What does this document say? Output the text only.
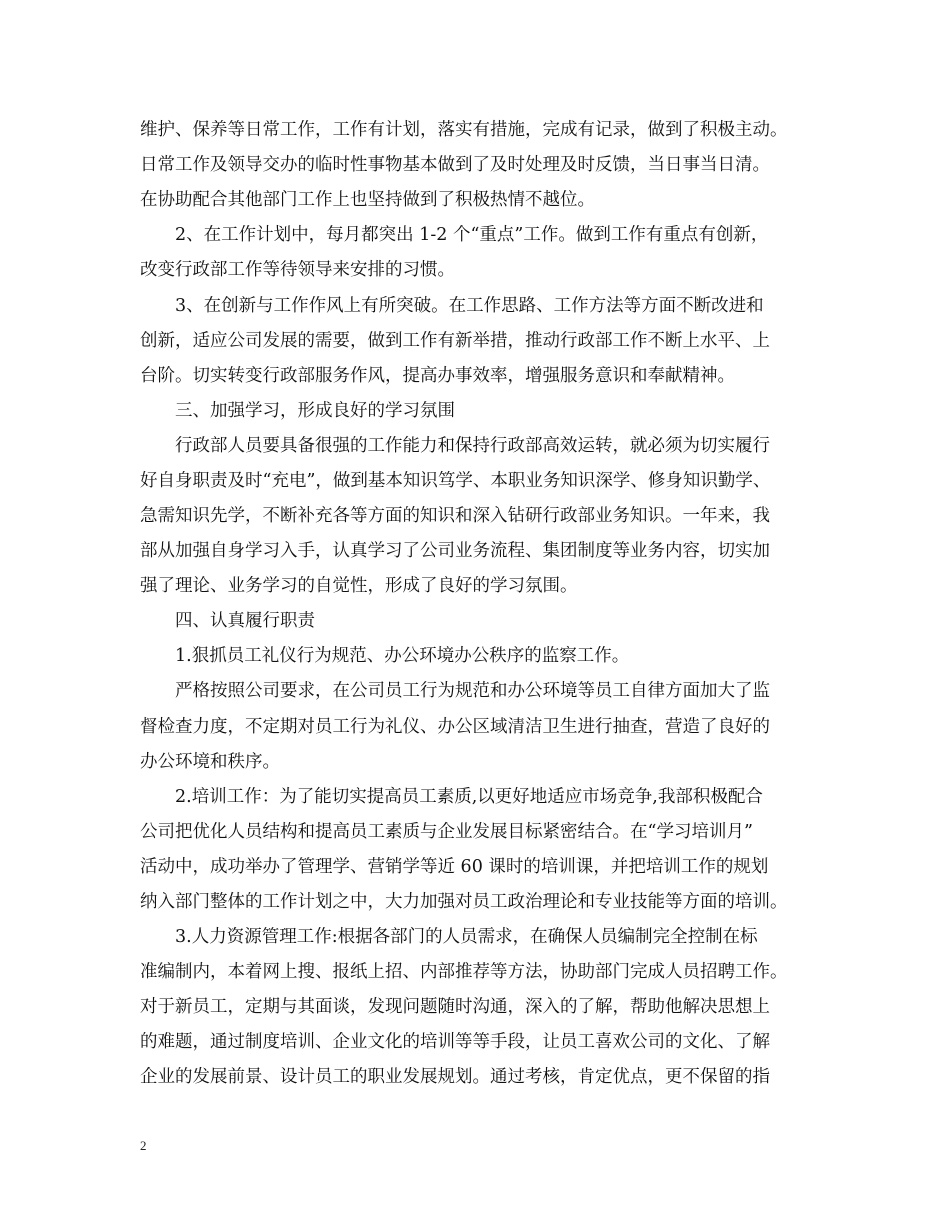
维护、保养等日常工作，工作有计划，落实有措施，完成有记录，做到了积极主动。
日常工作及领导交办的临时性事物基本做到了及时处理及时反馈，当日事当日清。
在协助配合其他部门工作上也坚持做到了积极热情不越位。
2、在工作计划中，每月都突出 1-2 个“重点”工作。做到工作有重点有创新，
改变行政部工作等待领导来安排的习惯。
3、在创新与工作作风上有所突破。在工作思路、工作方法等方面不断改进和
创新，适应公司发展的需要，做到工作有新举措，推动行政部工作不断上水平、上
台阶。切实转变行政部服务作风，提高办事效率，增强服务意识和奉献精神。
三、加强学习，形成良好的学习氛围
行政部人员要具备很强的工作能力和保持行政部高效运转，就必须为切实履行
好自身职责及时“充电”，做到基本知识笃学、本职业务知识深学、修身知识勤学、
急需知识先学，不断补充各等方面的知识和深入钻研行政部业务知识。一年来，我
部从加强自身学习入手，认真学习了公司业务流程、集团制度等业务内容，切实加
强了理论、业务学习的自觉性，形成了良好的学习氛围。
四、认真履行职责
1.狠抓员工礼仪行为规范、办公环境办公秩序的监察工作。
严格按照公司要求，在公司员工行为规范和办公环境等员工自律方面加大了监
督检查力度，不定期对员工行为礼仪、办公区域清洁卫生进行抽查，营造了良好的
办公环境和秩序。
2.培训工作：为了能切实提高员工素质,以更好地适应市场竞争,我部积极配合
公司把优化人员结构和提高员工素质与企业发展目标紧密结合。在“学习培训月”
活动中，成功举办了管理学、营销学等近 60 课时的培训课，并把培训工作的规划
纳入部门整体的工作计划之中，大力加强对员工政治理论和专业技能等方面的培训。
3.人力资源管理工作:根据各部门的人员需求，在确保人员编制完全控制在标
准编制内，本着网上搜、报纸上招、内部推荐等方法，协助部门完成人员招聘工作。
对于新员工，定期与其面谈，发现问题随时沟通，深入的了解，帮助他解决思想上
的难题，通过制度培训、企业文化的培训等等手段，让员工喜欢公司的文化、了解
企业的发展前景、设计员工的职业发展规划。通过考核，肯定优点，更不保留的指
2
